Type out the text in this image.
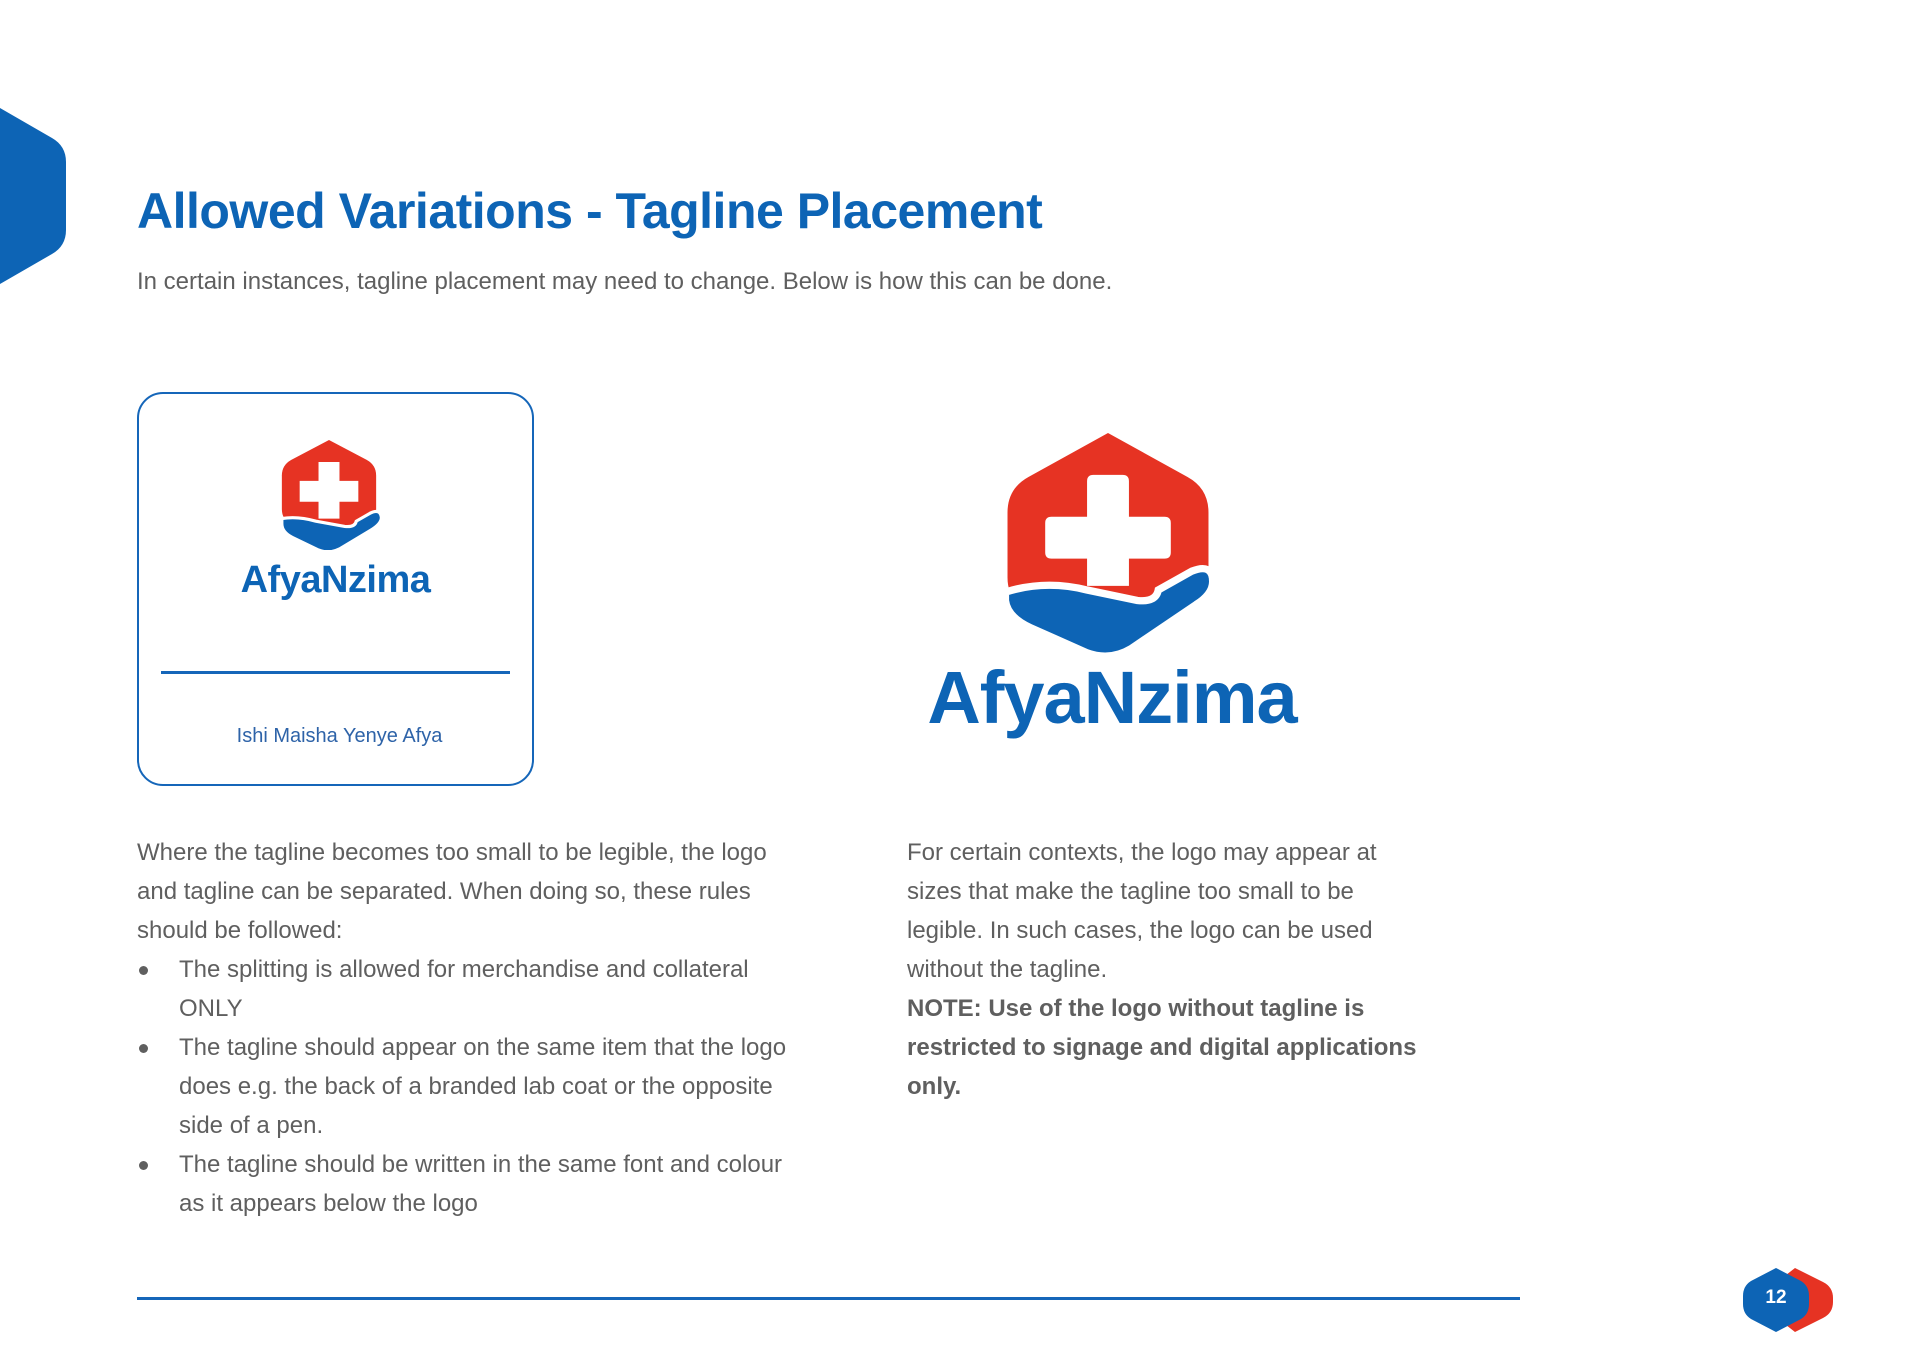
Allowed Variations - Tagline Placement

In certain instances, tagline placement may need to change. Below is how this can be done.

AfyaNzima
Ishi Maisha Yenye Afya	AfyaNzima

Where the tagline becomes too small to be legible, the logo and tagline can be separated. When doing so, these rules should be followed:

The splitting is allowed for merchandise and collateral ONLY
The tagline should appear on the same item that the logo does e.g. the back of a branded lab coat or the opposite side of a pen.
The tagline should be written in the same font and colour as it appears below the logo

For certain contexts, the logo may appear at sizes that make the tagline too small to be legible. In such cases, the logo can be used without the tagline.

NOTE: Use of the logo without tagline is restricted to signage and digital applications only.

12
